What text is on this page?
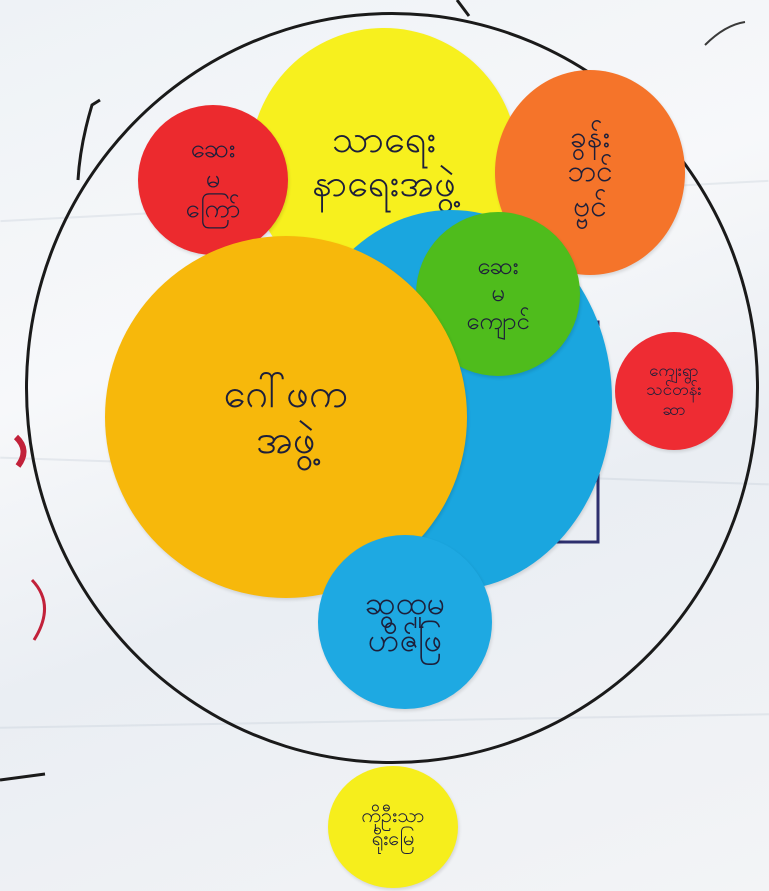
သာရေး
နာရေးအဖွဲ့
ခွန်း
ဘင်
ဗ္ဗင်
ဆေး
မ
ကြော်
ဆေး
မ
ကျောင်
ဂေါ်ဖက
အဖွဲ့
ကျေးရွာ
သင်တန်း
ဆာ
ဆွထူမ
ဟိဇ်ဖြ
ကိုဦးသာ
ရိုးမြေ
